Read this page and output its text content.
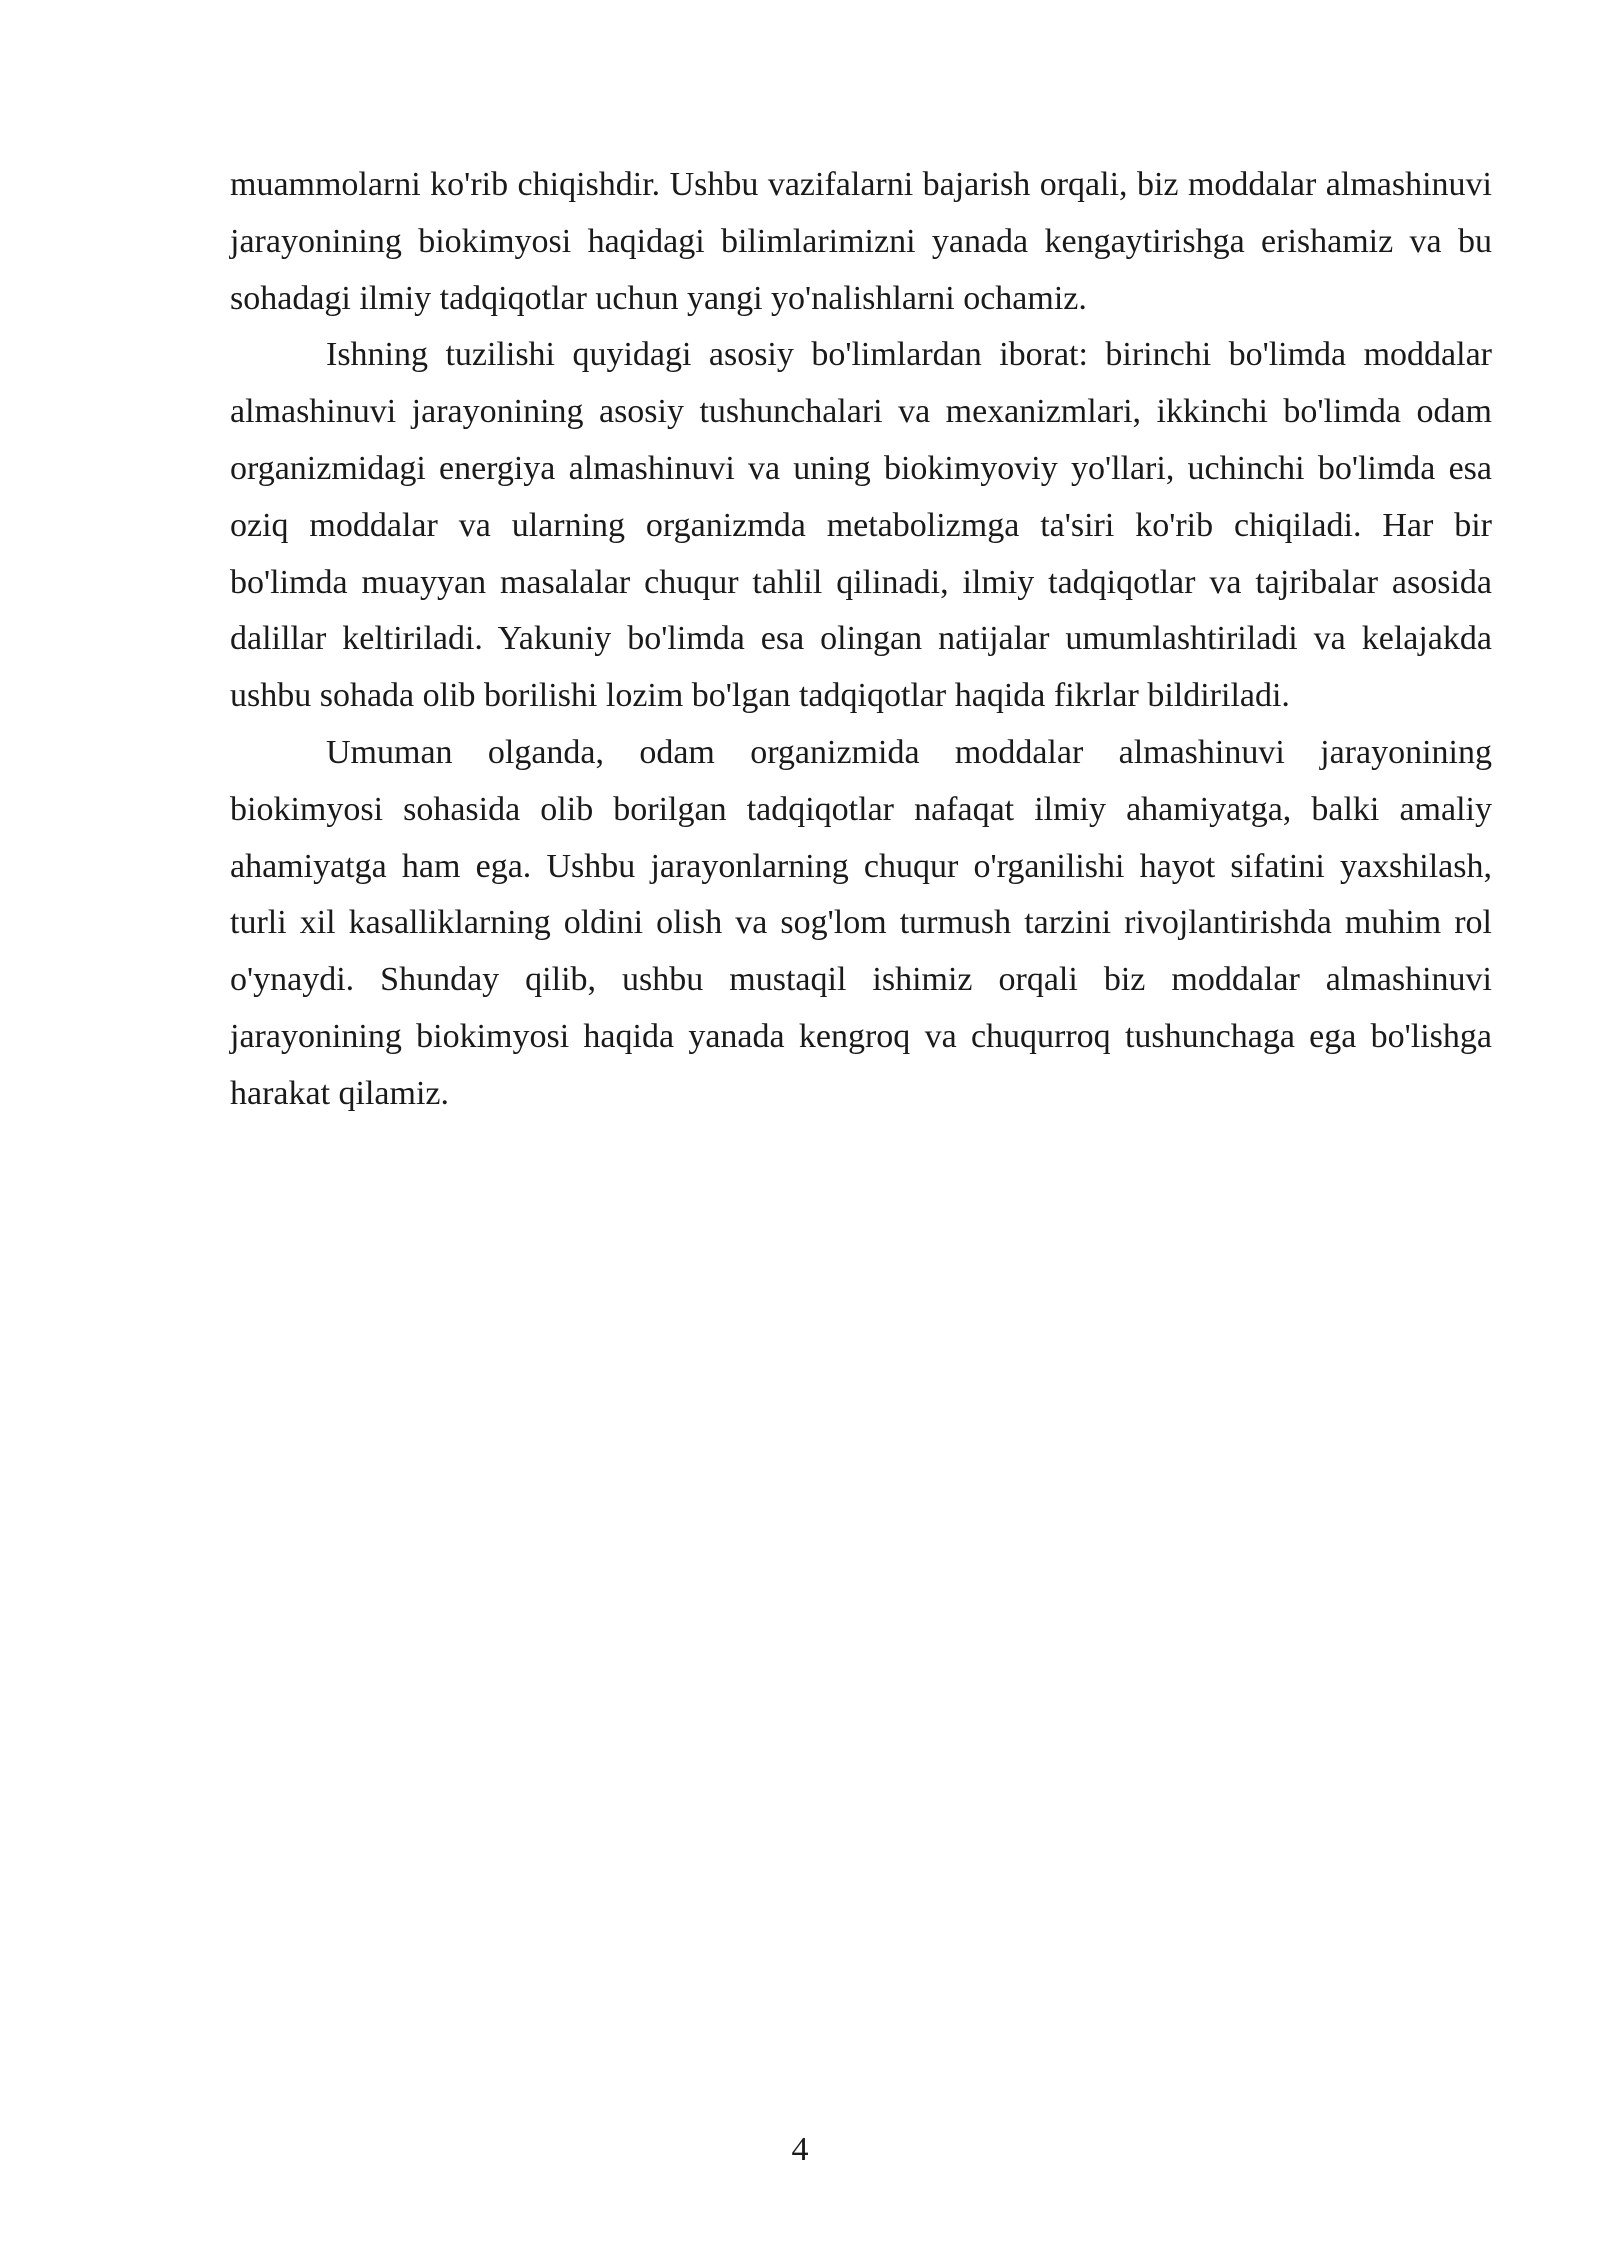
muammolarni ko'rib chiqishdir. Ushbu vazifalarni bajarish orqali, biz moddalar almashinuvi jarayonining biokimyosi haqidagi bilimlarimizni yanada kengaytirishga erishamiz va bu sohadagi ilmiy tadqiqotlar uchun yangi yo'nalishlarni ochamiz.

Ishning tuzilishi quyidagi asosiy bo'limlardan iborat: birinchi bo'limda moddalar almashinuvi jarayonining asosiy tushunchalari va mexanizmlari, ikkinchi bo'limda odam organizmidagi energiya almashinuvi va uning biokimyoviy yo'llari, uchinchi bo'limda esa oziq moddalar va ularning organizmda metabolizmga ta'siri ko'rib chiqiladi. Har bir bo'limda muayyan masalalar chuqur tahlil qilinadi, ilmiy tadqiqotlar va tajribalar asosida dalillar keltiriladi. Yakuniy bo'limda esa olingan natijalar umumlashtiriladi va kelajakda ushbu sohada olib borilishi lozim bo'lgan tadqiqotlar haqida fikrlar bildiriladi.

Umuman olganda, odam organizmida moddalar almashinuvi jarayonining biokimyosi sohasida olib borilgan tadqiqotlar nafaqat ilmiy ahamiyatga, balki amaliy ahamiyatga ham ega. Ushbu jarayonlarning chuqur o'rganilishi hayot sifatini yaxshilash, turli xil kasalliklarning oldini olish va sog'lom turmush tarzini rivojlantirishda muhim rol o'ynaydi. Shunday qilib, ushbu mustaqil ishimiz orqali biz moddalar almashinuvi jarayonining biokimyosi haqida yanada kengroq va chuqurroq tushunchaga ega bo'lishga harakat qilamiz.

4
